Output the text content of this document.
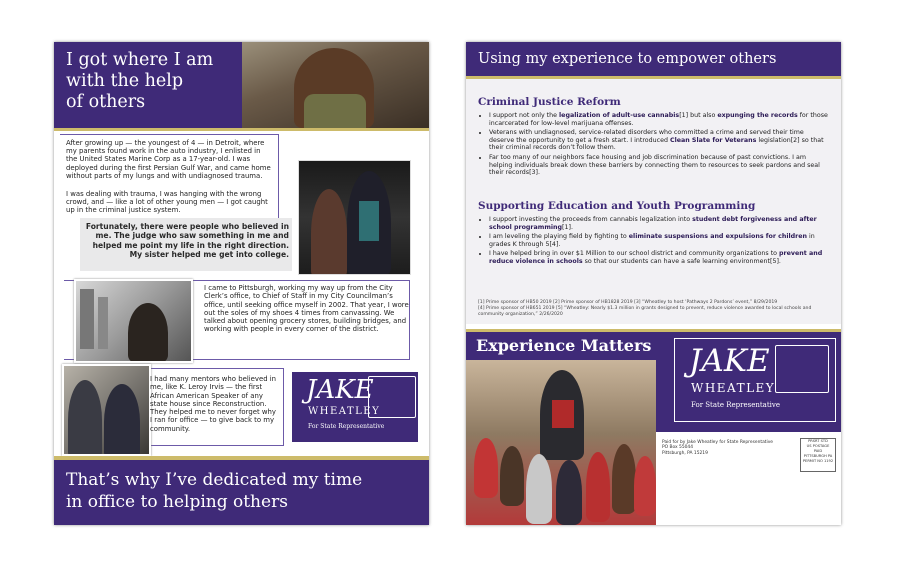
I got where I am
with the help
of others
After growing up — the youngest of 4 — in Detroit, where my parents found work in the auto industry, I enlisted in the United States Marine Corp as a 17-year-old. I was deployed during the first Persian Gulf War, and came home without parts of my lungs and with undiagnosed trauma.
I was dealing with trauma, I was hanging with the wrong crowd, and — like a lot of other young men — I got caught up in the criminal justice system.
Fortunately, there were people who believed in me. The judge who saw something in me and helped me point my life in the right direction. My sister helped me get into college.
I came to Pittsburgh, working my way up from the City Clerk’s office, to Chief of Staff in my City Councilman’s office, until seeking office myself in 2002. That year, I wore out the soles of my shoes 4 times from canvassing. We talked about opening grocery stores, building bridges, and working with people in every corner of the district.
I had many mentors who believed in me, like K. Leroy Irvis — the first African American Speaker of any state house since Reconstruction. They helped me to never forget why I ran for office — to give back to my community.
JAKE
WHEATLEY
For State Representative
That’s why I’ve dedicated my time
in office to helping others
Using my experience to empower others
Criminal Justice Reform
• I support not only the legalization of adult-use cannabis[1] but also expunging the records for those incarcerated for low-level marijuana offenses.
• Veterans with undiagnosed, service-related disorders who committed a crime and served their time deserve the opportunity to get a fresh start. I introduced Clean Slate for Veterans legislation[2] so that their criminal records don’t follow them.
• Far too many of our neighbors face housing and job discrimination because of past convictions. I am helping individuals break down these barriers by connecting them to resources to seek pardons and seal their records[3].
Supporting Education and Youth Programming
• I support investing the proceeds from cannabis legalization into student debt forgiveness and after school programming[1].
• I am leveling the playing field by fighting to eliminate suspensions and expulsions for children in grades K through 5[4].
• I have helped bring in over $1 Million to our school district and community organizations to prevent and reduce violence in schools so that our students can have a safe learning environment[5].
[1] Prime sponsor of HB50 2019 [2] Prime sponsor of HB1828 2019 [3] “Wheatley to host ‘Pathways 2 Pardons’ event,” 8/29/2019
[4] Prime sponsor of HB651 2019 [5] “Wheatley: Nearly $1.3 million in grants designed to prevent, reduce violence awarded to local schools and community organization,” 2/26/2020
Experience Matters JAKE
WHEATLEY
For State Representative
Paid for by Jake Wheatley for State Representative
PO Box 55044
Pittsburgh, PA 15219
PRSRT STD
US POSTAGE
PAID
PITTSBURGH PA
PERMIT NO 1192
